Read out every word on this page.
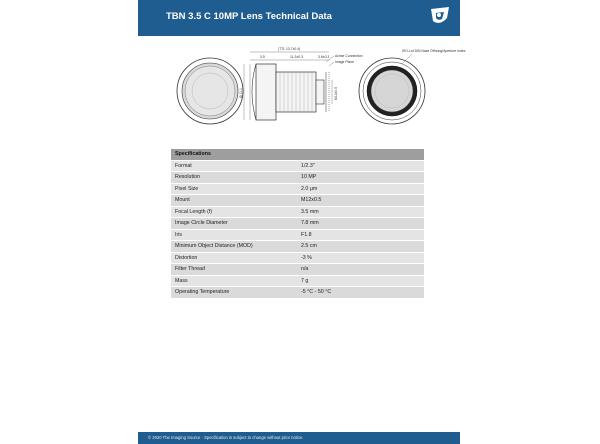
TBN 3.5 C 10MP Lens Technical Data
(TTL 13.7±0.4)
3.5	11.3±0.3	3.6±0.3
Ø 11.1	M12x0.5
Achse Connection
Image Plane
ISO-Lot DIN Nase Öffnung/Aperture Index
Specifications	
Format	1/2.3"
Resolution	10 MP
Pixel Size	2.0 µm
Mount	M12x0.5
Focal Length (f)	3.5 mm
Image Circle Diameter	7.8 mm
Iris	F1.8
Minimum Object Distance (MOD)	2.5 cm
Distortion	-3 %
Filter Thread	n/a
Mass	7 g
Operating Temperature	-5 °C - 50 °C
© 2020 The Imaging Source · Specification is subject to change without prior notice.
